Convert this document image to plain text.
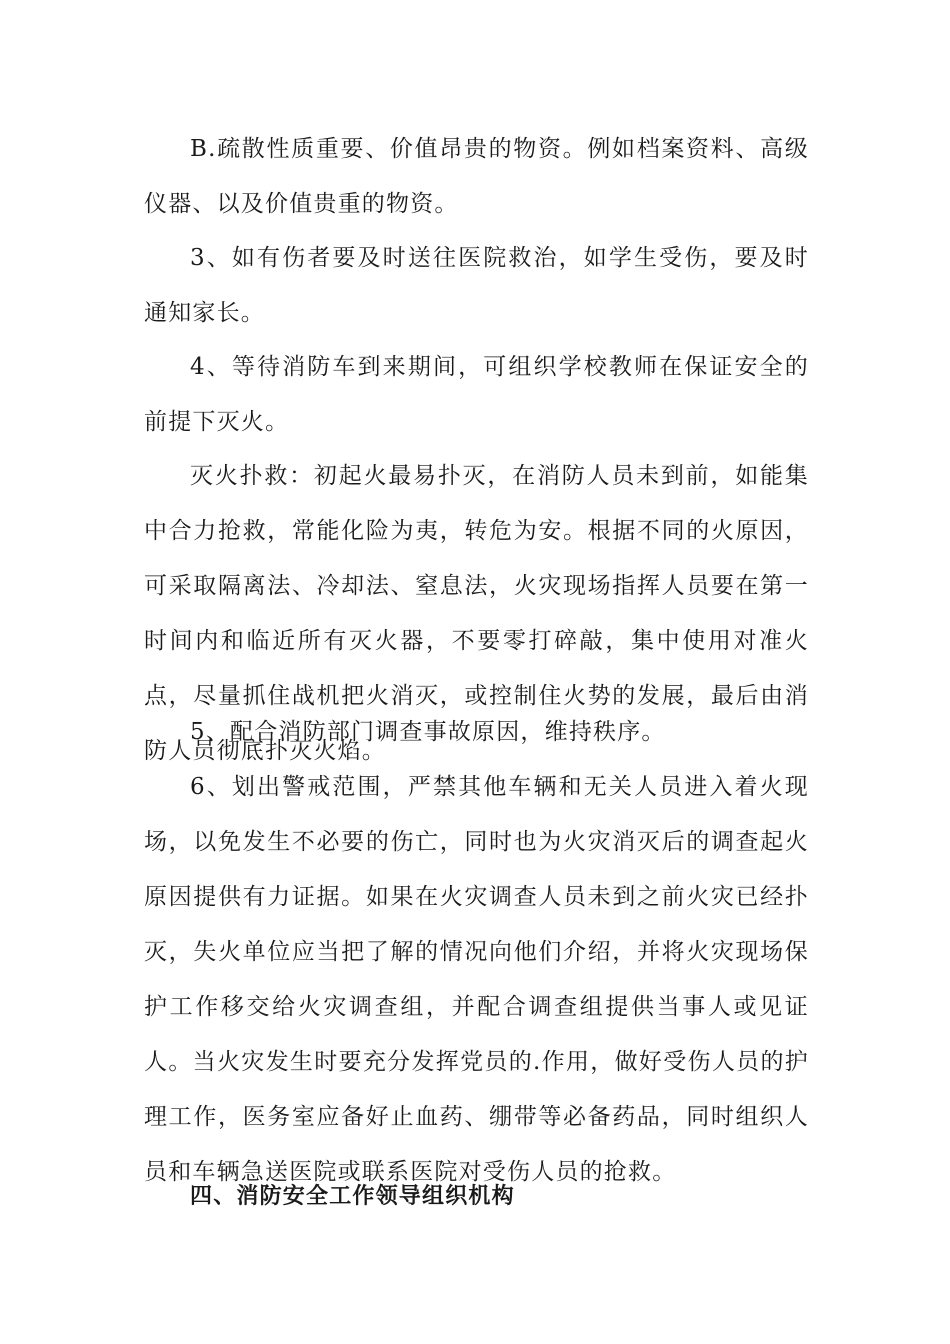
B.疏散性质重要、价值昂贵的物资。例如档案资料、高级仪器、以及价值贵重的物资。

3、如有伤者要及时送往医院救治，如学生受伤，要及时通知家长。

4、等待消防车到来期间，可组织学校教师在保证安全的前提下灭火。

灭火扑救：初起火最易扑灭，在消防人员未到前，如能集中合力抢救，常能化险为夷，转危为安。根据不同的火原因，可采取隔离法、冷却法、窒息法，火灾现场指挥人员要在第一时间内和临近所有灭火器，不要零打碎敲，集中使用对准火点，尽量抓住战机把火消灭，或控制住火势的发展，最后由消防人员彻底扑灭火焰。

5、配合消防部门调查事故原因，维持秩序。

6、划出警戒范围，严禁其他车辆和无关人员进入着火现场，以免发生不必要的伤亡，同时也为火灾消灭后的调查起火原因提供有力证据。如果在火灾调查人员未到之前火灾已经扑灭，失火单位应当把了解的情况向他们介绍，并将火灾现场保护工作移交给火灾调查组，并配合调查组提供当事人或见证人。当火灾发生时要充分发挥党员的.作用，做好受伤人员的护理工作，医务室应备好止血药、绷带等必备药品，同时组织人员和车辆急送医院或联系医院对受伤人员的抢救。

四、消防安全工作领导组织机构
